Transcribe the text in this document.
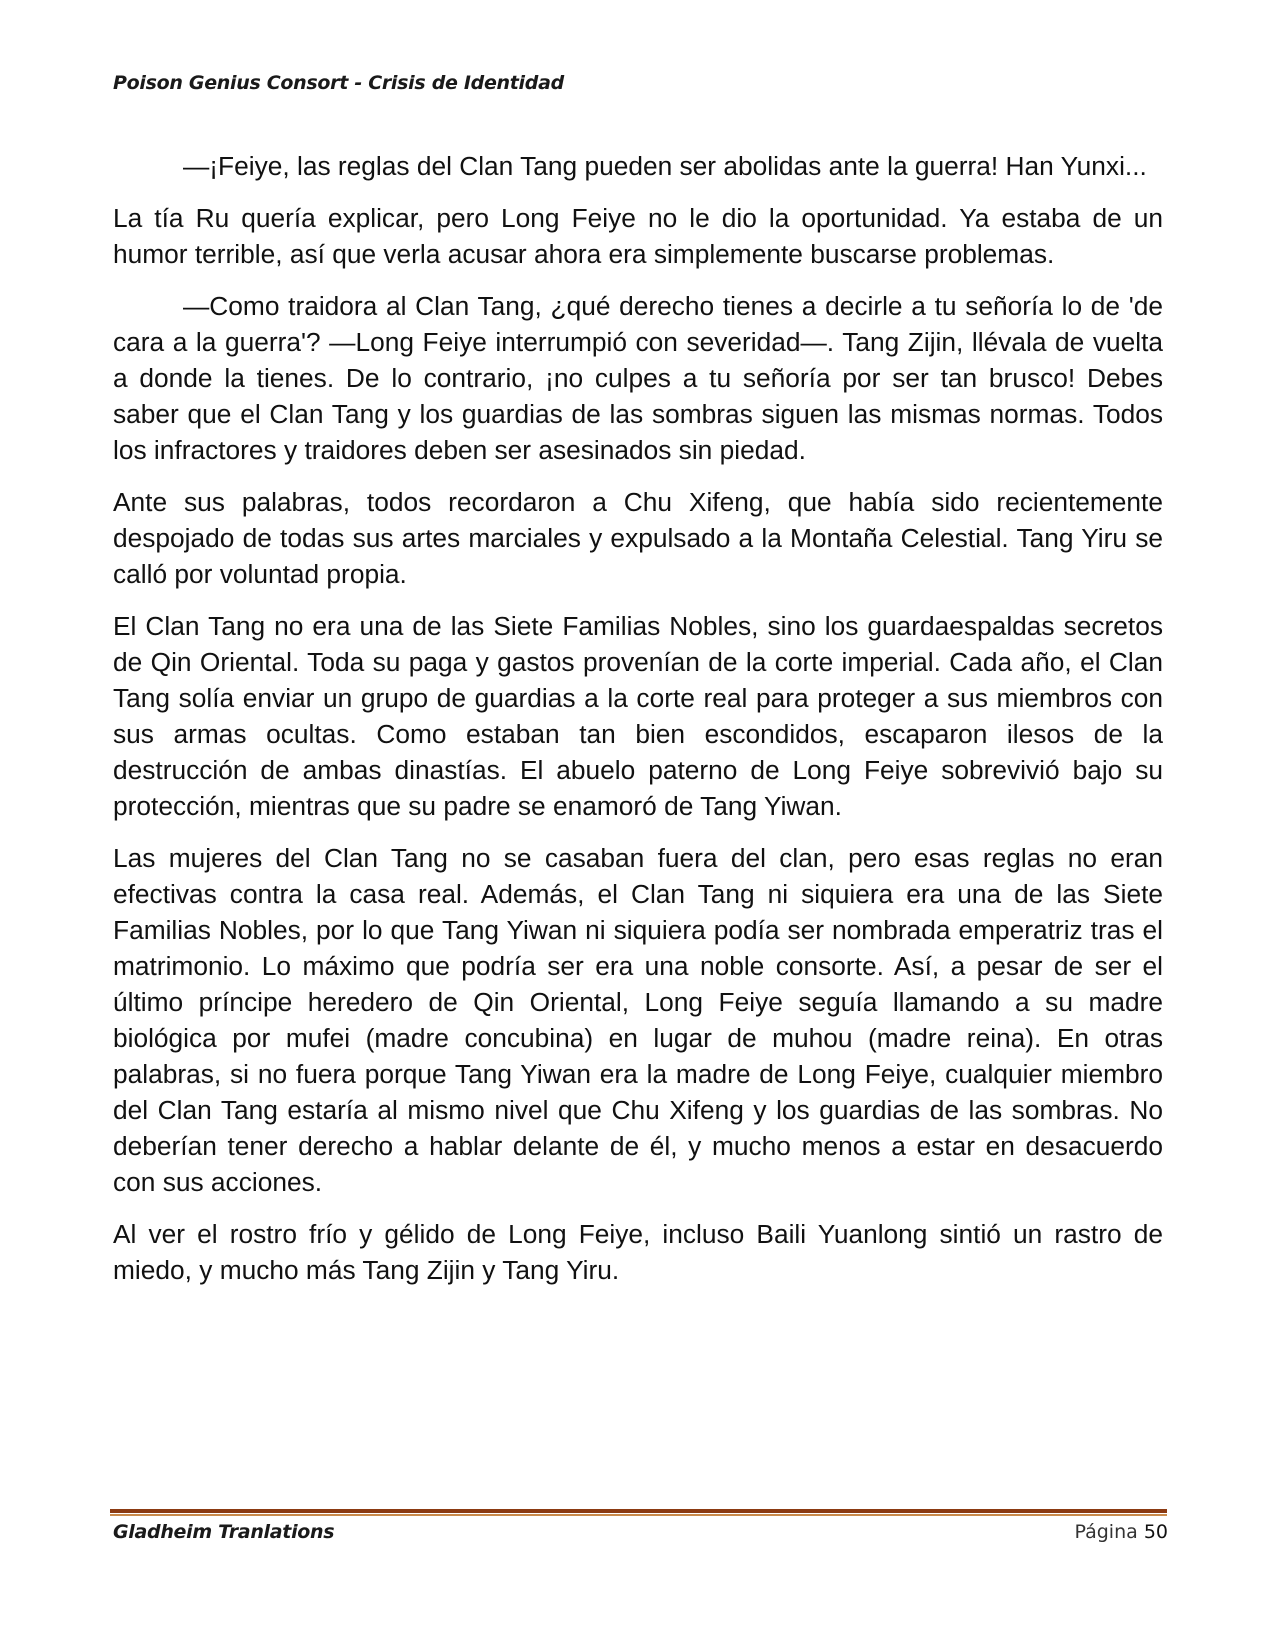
Poison Genius Consort - Crisis de Identidad

—¡Feiye, las reglas del Clan Tang pueden ser abolidas ante la guerra! Han Yunxi...

La tía Ru quería explicar, pero Long Feiye no le dio la oportunidad. Ya estaba de un humor terrible, así que verla acusar ahora era simplemente buscarse problemas.

—Como traidora al Clan Tang, ¿qué derecho tienes a decirle a tu señoría lo de 'de cara a la guerra'? —Long Feiye interrumpió con severidad—. Tang Zijin, llévala de vuelta a donde la tienes. De lo contrario, ¡no culpes a tu señoría por ser tan brusco! Debes saber que el Clan Tang y los guardias de las sombras siguen las mismas normas. Todos los infractores y traidores deben ser asesinados sin piedad.

Ante sus palabras, todos recordaron a Chu Xifeng, que había sido recientemente despojado de todas sus artes marciales y expulsado a la Montaña Celestial. Tang Yiru se calló por voluntad propia.

El Clan Tang no era una de las Siete Familias Nobles, sino los guardaespaldas secretos de Qin Oriental. Toda su paga y gastos provenían de la corte imperial. Cada año, el Clan Tang solía enviar un grupo de guardias a la corte real para proteger a sus miembros con sus armas ocultas. Como estaban tan bien escondidos, escaparon ilesos de la destrucción de ambas dinastías. El abuelo paterno de Long Feiye sobrevivió bajo su protección, mientras que su padre se enamoró de Tang Yiwan.

Las mujeres del Clan Tang no se casaban fuera del clan, pero esas reglas no eran efectivas contra la casa real. Además, el Clan Tang ni siquiera era una de las Siete Familias Nobles, por lo que Tang Yiwan ni siquiera podía ser nombrada emperatriz tras el matrimonio. Lo máximo que podría ser era una noble consorte. Así, a pesar de ser el último príncipe heredero de Qin Oriental, Long Feiye seguía llamando a su madre biológica por mufei (madre concubina) en lugar de muhou (madre reina). En otras palabras, si no fuera porque Tang Yiwan era la madre de Long Feiye, cualquier miembro del Clan Tang estaría al mismo nivel que Chu Xifeng y los guardias de las sombras. No deberían tener derecho a hablar delante de él, y mucho menos a estar en desacuerdo con sus acciones.

Al ver el rostro frío y gélido de Long Feiye, incluso Baili Yuanlong sintió un rastro de miedo, y mucho más Tang Zijin y Tang Yiru.

Gladheim Tranlations	Página 50
